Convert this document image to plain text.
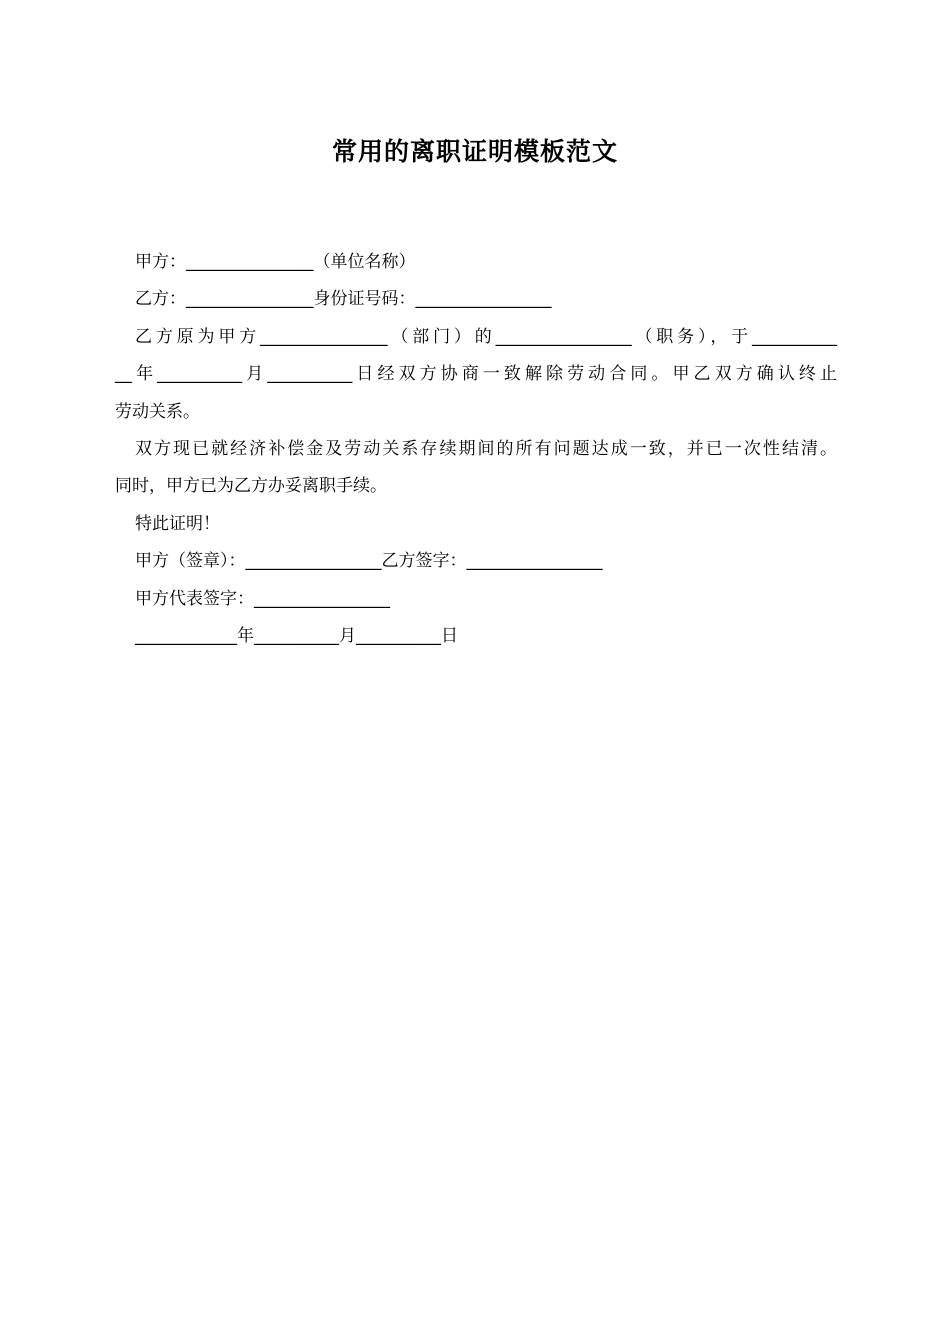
常用的离职证明模板范文
甲方：_______________（单位名称）
乙方：_______________身份证号码：________________
乙方原为甲方_______________（部门）的________________（职务），于__________
__年__________月__________日经双方协商一致解除劳动合同。甲乙双方确认终止
劳动关系。
双方现已就经济补偿金及劳动关系存续期间的所有问题达成一致，并已一次性结清。
同时，甲方已为乙方办妥离职手续。
特此证明！
甲方（签章）：________________乙方签字：________________
甲方代表签字：________________
____________年__________月__________日
